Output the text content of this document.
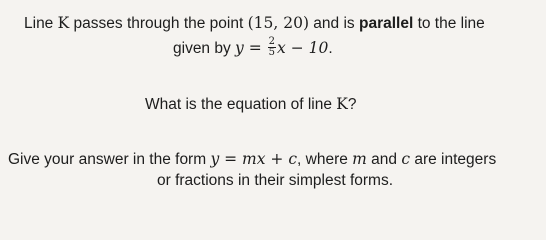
Line K passes through the point (15, 20) and is parallel to the line
given by $y = \frac{2}{5}$ x − 10.
What is the equation of line K?
Give your answer in the form y = mx + c, where m and c are integers
or fractions in their simplest forms.
